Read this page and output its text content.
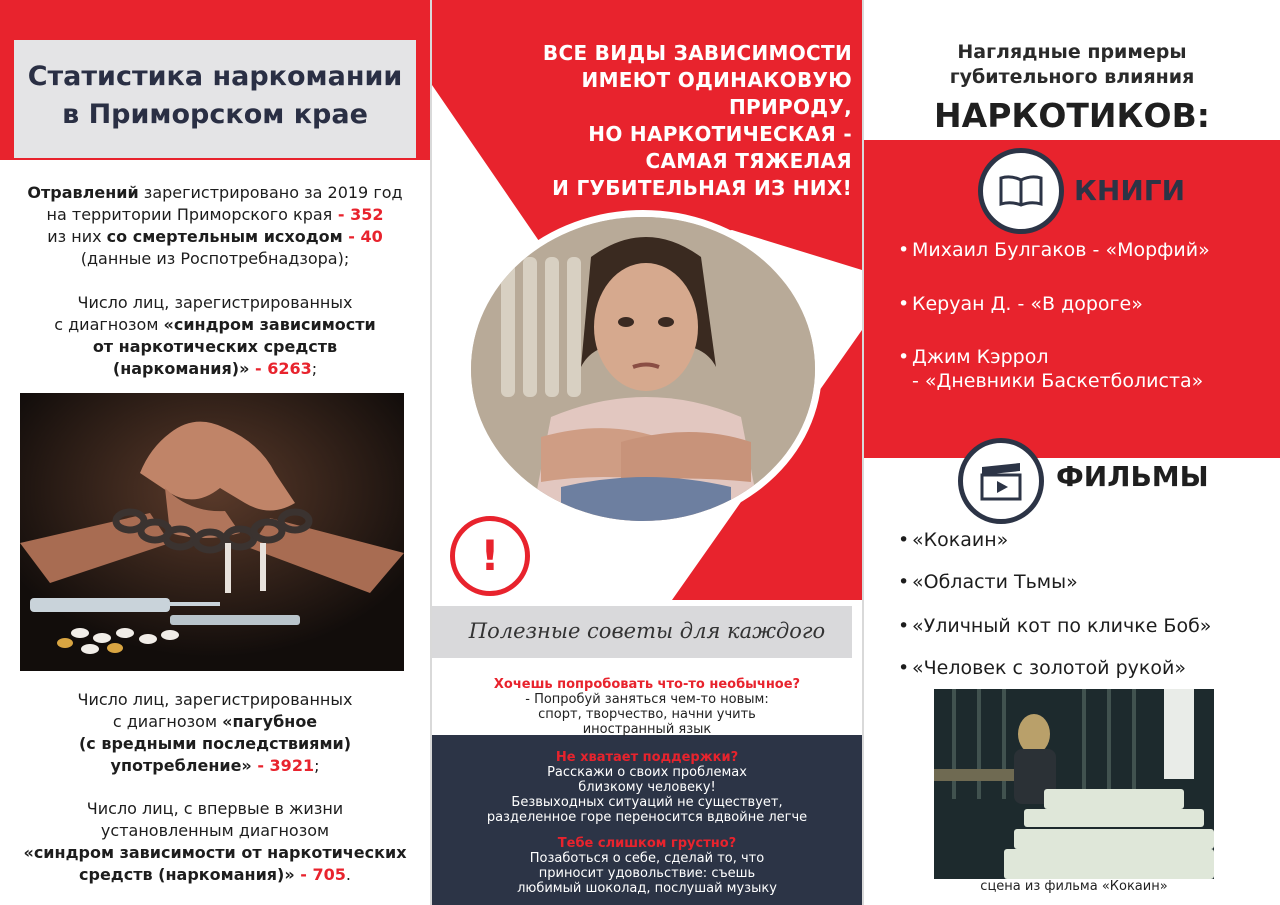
Статистика наркомании
в Приморском крае
Отравлений зарегистрировано за 2019 год
на территории Приморского края - 352
из них со смертельным исходом - 40
(данные из Роспотребнадзора);
Число лиц, зарегистрированных
с диагнозом «синдром зависимости
от наркотических средств
(наркомания)» - 6263;
Число лиц, зарегистрированных
с диагнозом «пагубное
(с вредными последствиями)
употребление» - 3921;
Число лиц, с впервые в жизни
установленным диагнозом
«синдром зависимости от наркотических
средств (наркомания)» - 705.
ВСЕ ВИДЫ ЗАВИСИМОСТИ
ИМЕЮТ ОДИНАКОВУЮ ПРИРОДУ,
НО НАРКОТИЧЕСКАЯ -
САМАЯ ТЯЖЕЛАЯ
И ГУБИТЕЛЬНАЯ ИЗ НИХ!
!
Полезные советы для каждого
Хочешь попробовать что-то необычное?
- Попробуй заняться чем-то новым:
спорт, творчество, начни учить
иностранный язык
Не хватает поддержки?
Расскажи о своих проблемах
близкому человеку!
Безвыходных ситуаций не существует,
разделенное горе переносится вдвойне легче
Тебе слишком грустно?
Позаботься о себе, сделай то, что
приносит удовольствие: съешь
любимый шоколад, послушай музыку
Наглядные примеры
губительного влияния
НАРКОТИКОВ:
КНИГИ
• Михаил Булгаков - «Морфий»
• Керуан Д. - «В дороге»
• Джим Кэррол
- «Дневники Баскетболиста»
ФИЛЬМЫ
• «Кокаин»
• «Области Тьмы»
• «Уличный кот по кличке Боб»
• «Человек с золотой рукой»
сцена из фильма «Кокаин»
